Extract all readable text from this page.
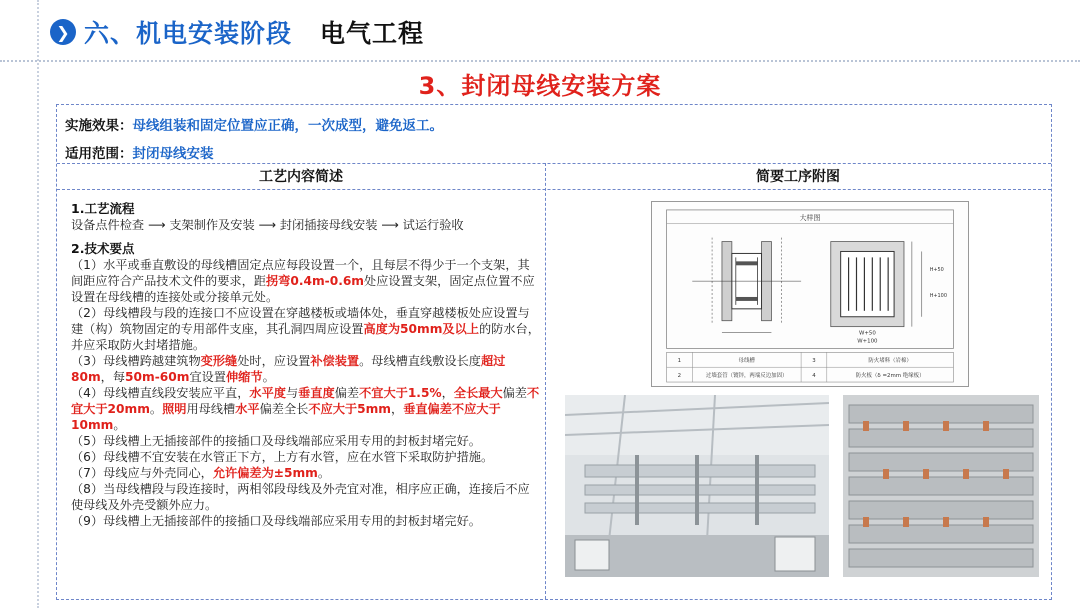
❯ 六、机电安装阶段 电气工程
3、封闭母线安装方案
实施效果： 母线组装和固定位置应正确，一次成型，避免返工。
适用范围： 封闭母线安装
工艺内容简述	简要工序附图
1.工艺流程
设备点件检查 ⟶ 支架制作及安装 ⟶ 封闭插接母线安装 ⟶ 试运行验收
2.技术要点
（1）水平或垂直敷设的母线槽固定点应每段设置一个，且每层不得少于一个支架，其间距应符合产品技术文件的要求，距拐弯0.4m-0.6m处应设置支架，固定点位置不应设置在母线槽的连接处或分接单元处。
（2）母线槽段与段的连接口不应设置在穿越楼板或墙体处，垂直穿越楼板处应设置与建（构）筑物固定的专用部件支座，其孔洞四周应设置高度为50mm及以上的防水台，并应采取防火封堵措施。
（3）母线槽跨越建筑物变形缝处时，应设置补偿装置。母线槽直线敷设长度超过80m，每50m-60m宜设置伸缩节。
（4）母线槽直线段安装应平直，水平度与垂直度偏差不宜大于1.5%，全长最大偏差不宜大于20mm。照明用母线槽水平偏差全长不应大于5mm，垂直偏差不应大于10mm。
（5）母线槽上无插接部件的接插口及母线端部应采用专用的封板封堵完好。
（6）母线槽不宜安装在水管正下方，上方有水管，应在水管下采取防护措施。
（7）母线应与外壳同心，允许偏差为±5mm。
（8）当母线槽段与段连接时，两相邻段母线及外壳宜对准，相序应正确，连接后不应使母线及外壳受额外应力。
（9）母线槽上无插接部件的接插口及母线端部应采用专用的封板封堵完好。
大样图
W+50
W+100
H+50
H+100
1	母线槽	3	防火堵料（岩棉）
2	过墙套管（镀锌，两端反边加固）	4	防火板（δ =2mm 绝缘板）
